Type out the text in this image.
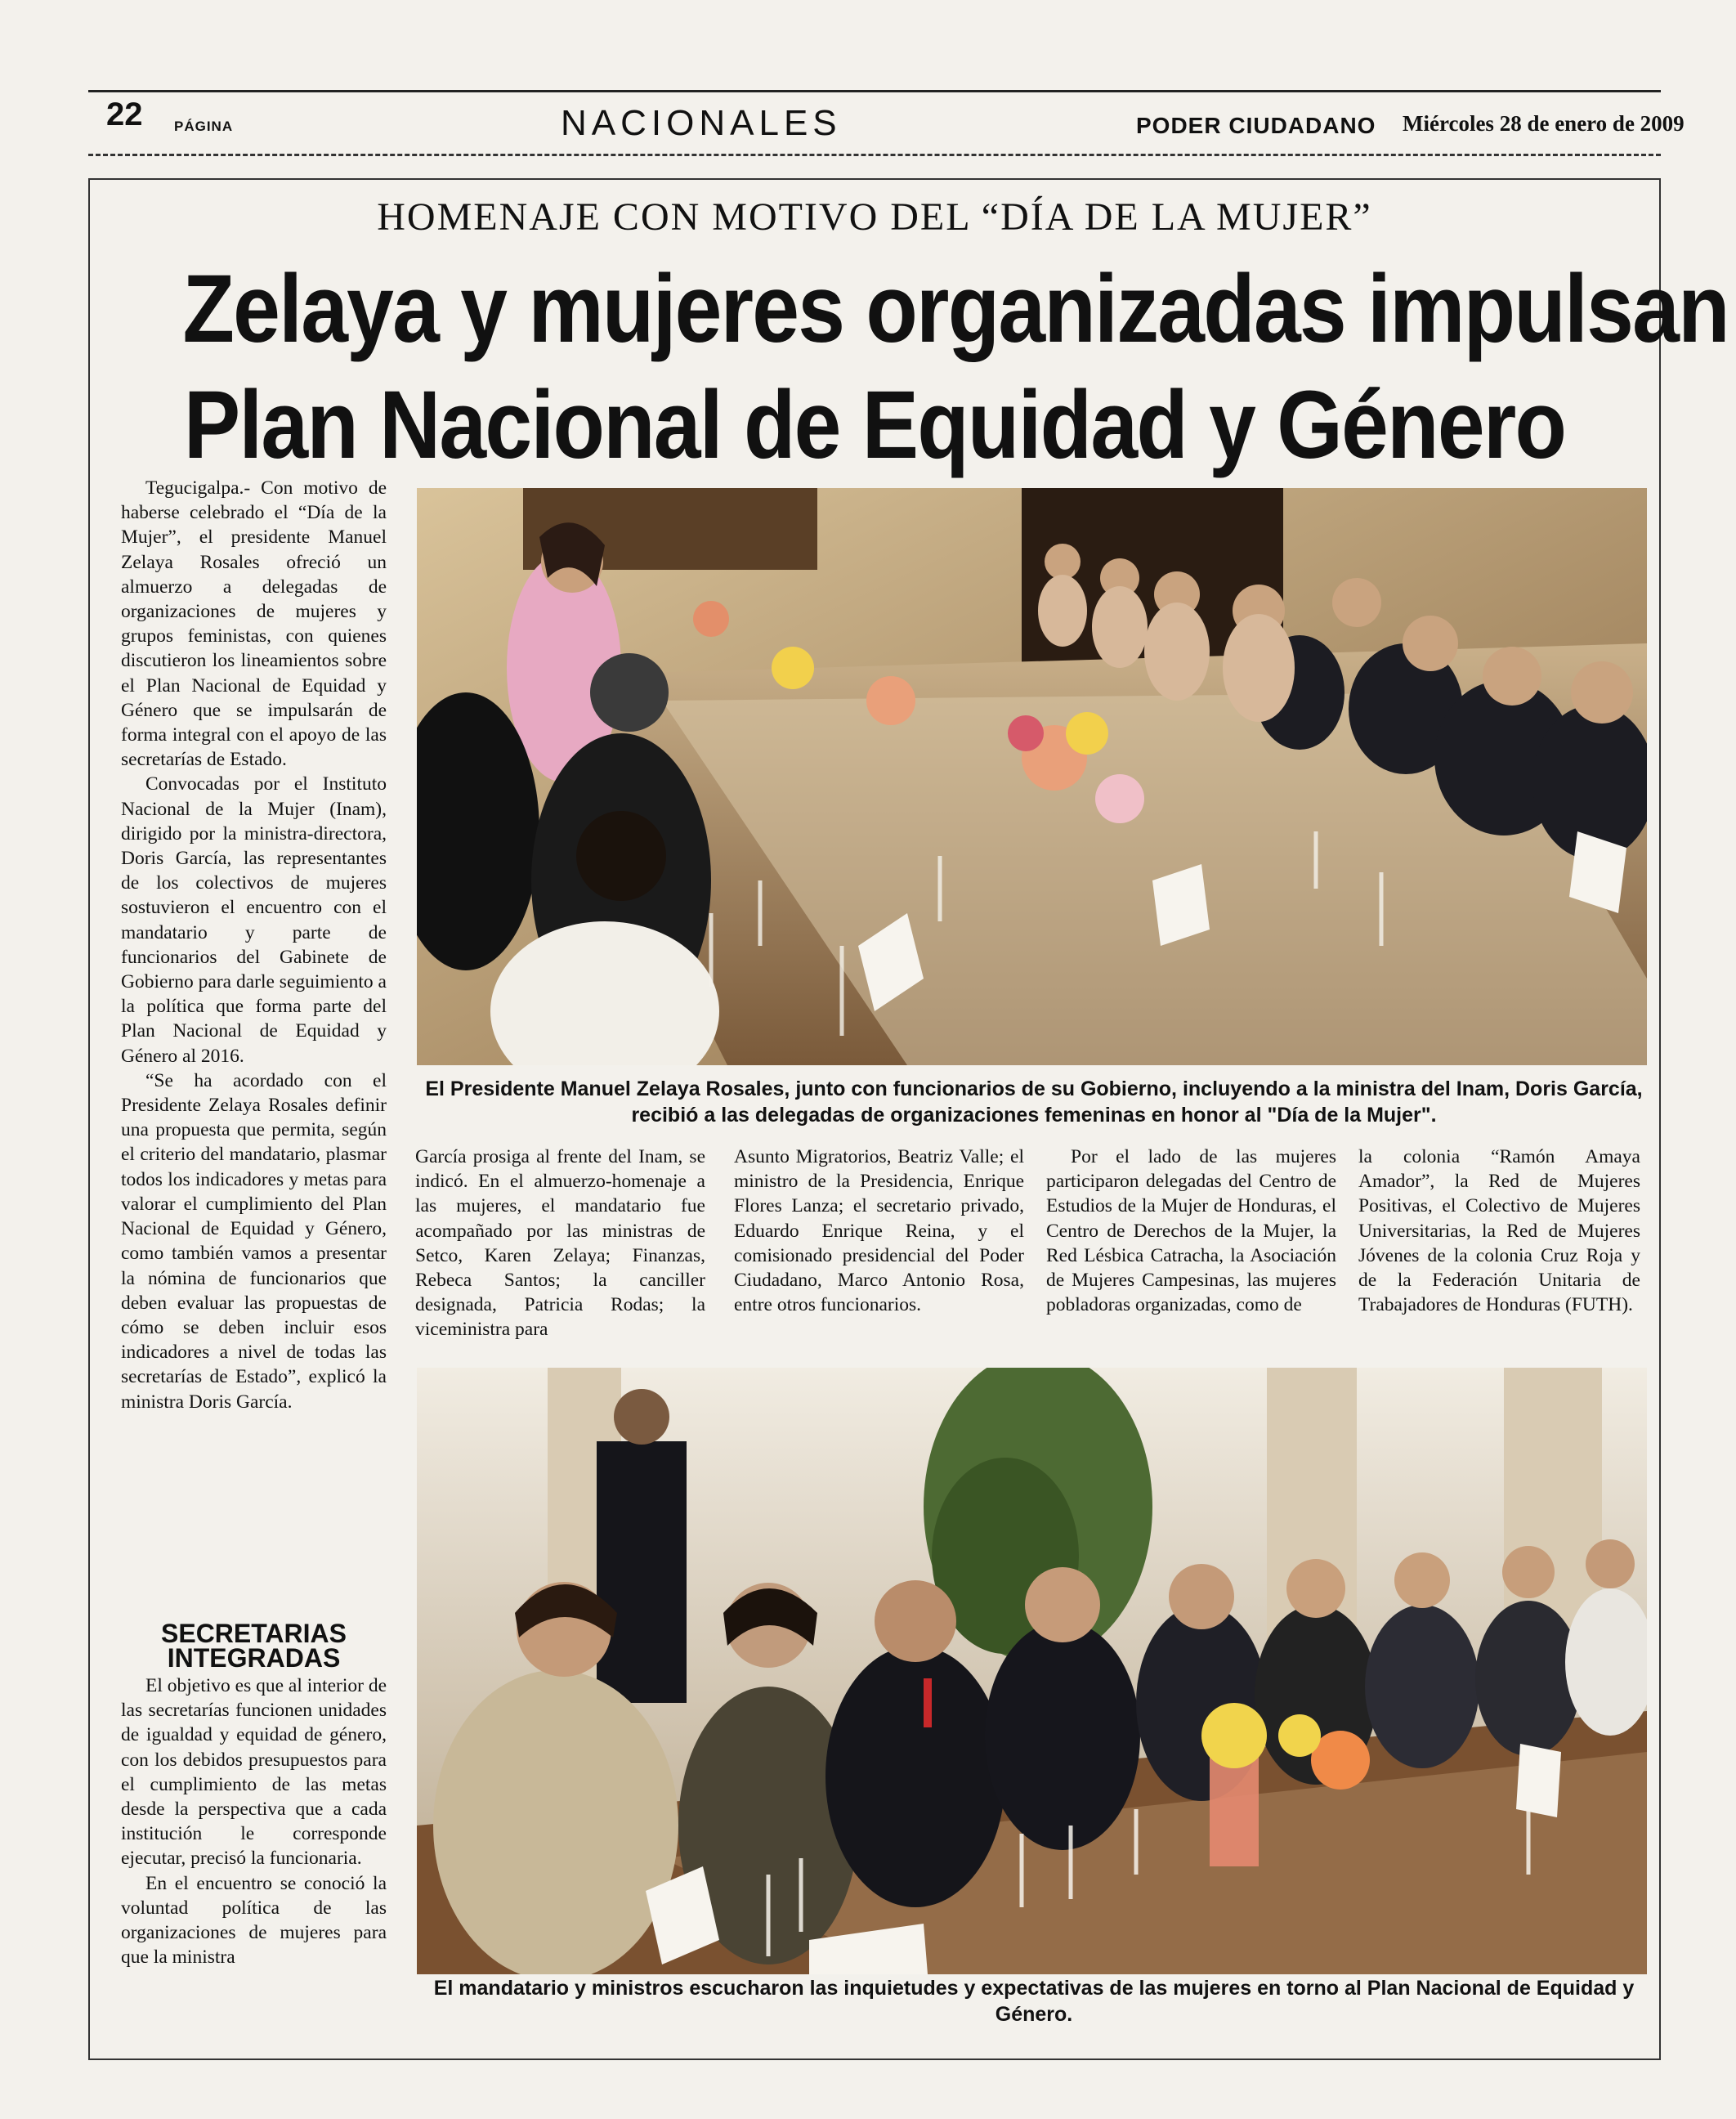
22 PÁGINA	NACIONALES	PODER CIUDADANO Miércoles 28 de enero de 2009
HOMENAJE CON MOTIVO DEL “DÍA DE LA MUJER”
Zelaya y mujeres organizadas impulsan
Plan Nacional de Equidad y Género

Tegucigalpa.- Con motivo de haberse celebrado el “Día de la Mujer”, el presidente Manuel Zelaya Rosales ofreció un almuerzo a delegadas de organizaciones de mujeres y grupos feministas, con quienes discutieron los lineamientos sobre el Plan Nacional de Equidad y Género que se impulsarán de forma integral con el apoyo de las secretarías de Estado.

Convocadas por el Instituto Nacional de la Mujer (Inam), dirigido por la ministra-directora, Doris García, las representantes de los colectivos de mujeres sostuvieron el encuentro con el mandatario y parte de funcionarios del Gabinete de Gobierno para darle seguimiento a la política que forma parte del Plan Nacional de Equidad y Género al 2016.

“Se ha acordado con el Presidente Zelaya Rosales definir una propuesta que permita, según el criterio del mandatario, plasmar todos los indicadores y metas para valorar el cumplimiento del Plan Nacional de Equidad y Género, como también vamos a presentar la nómina de funcionarios que deben evaluar las propuestas de cómo se deben incluir esos indicadores a nivel de todas las secretarías de Estado”, explicó la ministra Doris García.

SECRETARIAS INTEGRADAS

El objetivo es que al interior de las secretarías funcionen unidades de igualdad y equidad de género, con los debidos presupuestos para el cumplimiento de las metas desde la perspectiva que a cada institución le corresponde ejecutar, precisó la funcionaria.

En el encuentro se conoció la voluntad política de las organizaciones de mujeres para que la ministra

El Presidente Manuel Zelaya Rosales, junto con funcionarios de su Gobierno, incluyendo a la ministra del Inam, Doris García, recibió a las delegadas de organizaciones femeninas en honor al "Día de la Mujer".

García prosiga al frente del Inam, se indicó. En el almuerzo-homenaje a las mujeres, el mandatario fue acompañado por las ministras de Setco, Karen Zelaya; Finanzas, Rebeca Santos; la canciller designada, Patricia Rodas; la viceministra para

Asunto Migratorios, Beatriz Valle; el ministro de la Presidencia, Enrique Flores Lanza; el secretario privado, Eduardo Enrique Reina, y el comisionado presidencial del Poder Ciudadano, Marco Antonio Rosa, entre otros funcionarios.

Por el lado de las mujeres participaron delegadas del Centro de Estudios de la Mujer de Honduras, el Centro de Derechos de la Mujer, la Red Lésbica Catracha, la Asociación de Mujeres Campesinas, las mujeres pobladoras organizadas, como de

la colonia “Ramón Amaya Amador”, la Red de Mujeres Positivas, el Colectivo de Mujeres Universitarias, la Red de Mujeres Jóvenes de la colonia Cruz Roja y de la Federación Unitaria de Trabajadores de Honduras (FUTH).

El mandatario y ministros escucharon las inquietudes y expectativas de las mujeres en torno al Plan Nacional de Equidad y Género.
